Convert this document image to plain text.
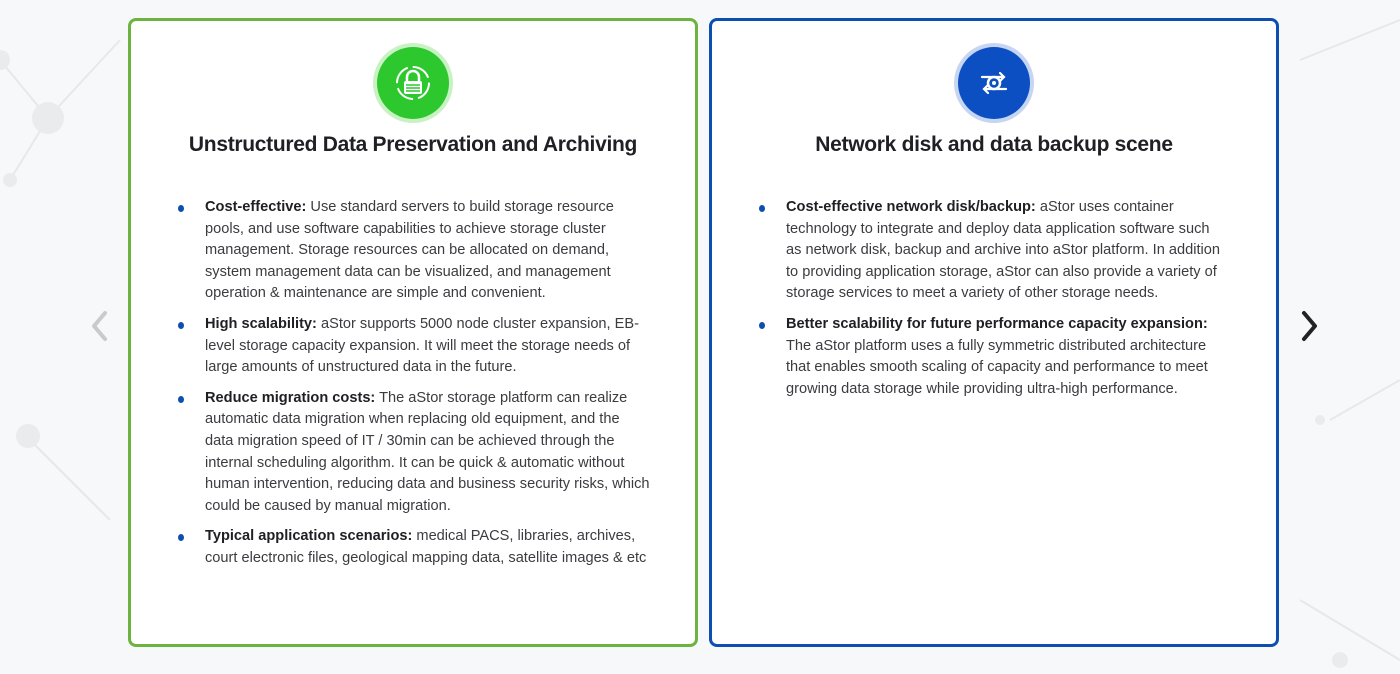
Unstructured Data Preservation and Archiving
Cost-effective: Use standard servers to build storage resource pools, and use software capabilities to achieve storage cluster management. Storage resources can be allocated on demand, system management data can be visualized, and management operation & maintenance are simple and convenient.
High scalability: aStor supports 5000 node cluster expansion, EB-level storage capacity expansion. It will meet the storage needs of large amounts of unstructured data in the future.
Reduce migration costs: The aStor storage platform can realize automatic data migration when replacing old equipment, and the data migration speed of IT / 30min can be achieved through the internal scheduling algorithm. It can be quick & automatic without human intervention, reducing data and business security risks, which could be caused by manual migration.
Typical application scenarios: medical PACS, libraries, archives, court electronic files, geological mapping data, satellite images & etc
Network disk and data backup scene
Cost-effective network disk/backup: aStor uses container technology to integrate and deploy data application software such as network disk, backup and archive into aStor platform. In addition to providing application storage, aStor can also provide a variety of storage services to meet a variety of other storage needs.
Better scalability for future performance capacity expansion: The aStor platform uses a fully symmetric distributed architecture that enables smooth scaling of capacity and performance to meet growing data storage while providing ultra-high performance.
